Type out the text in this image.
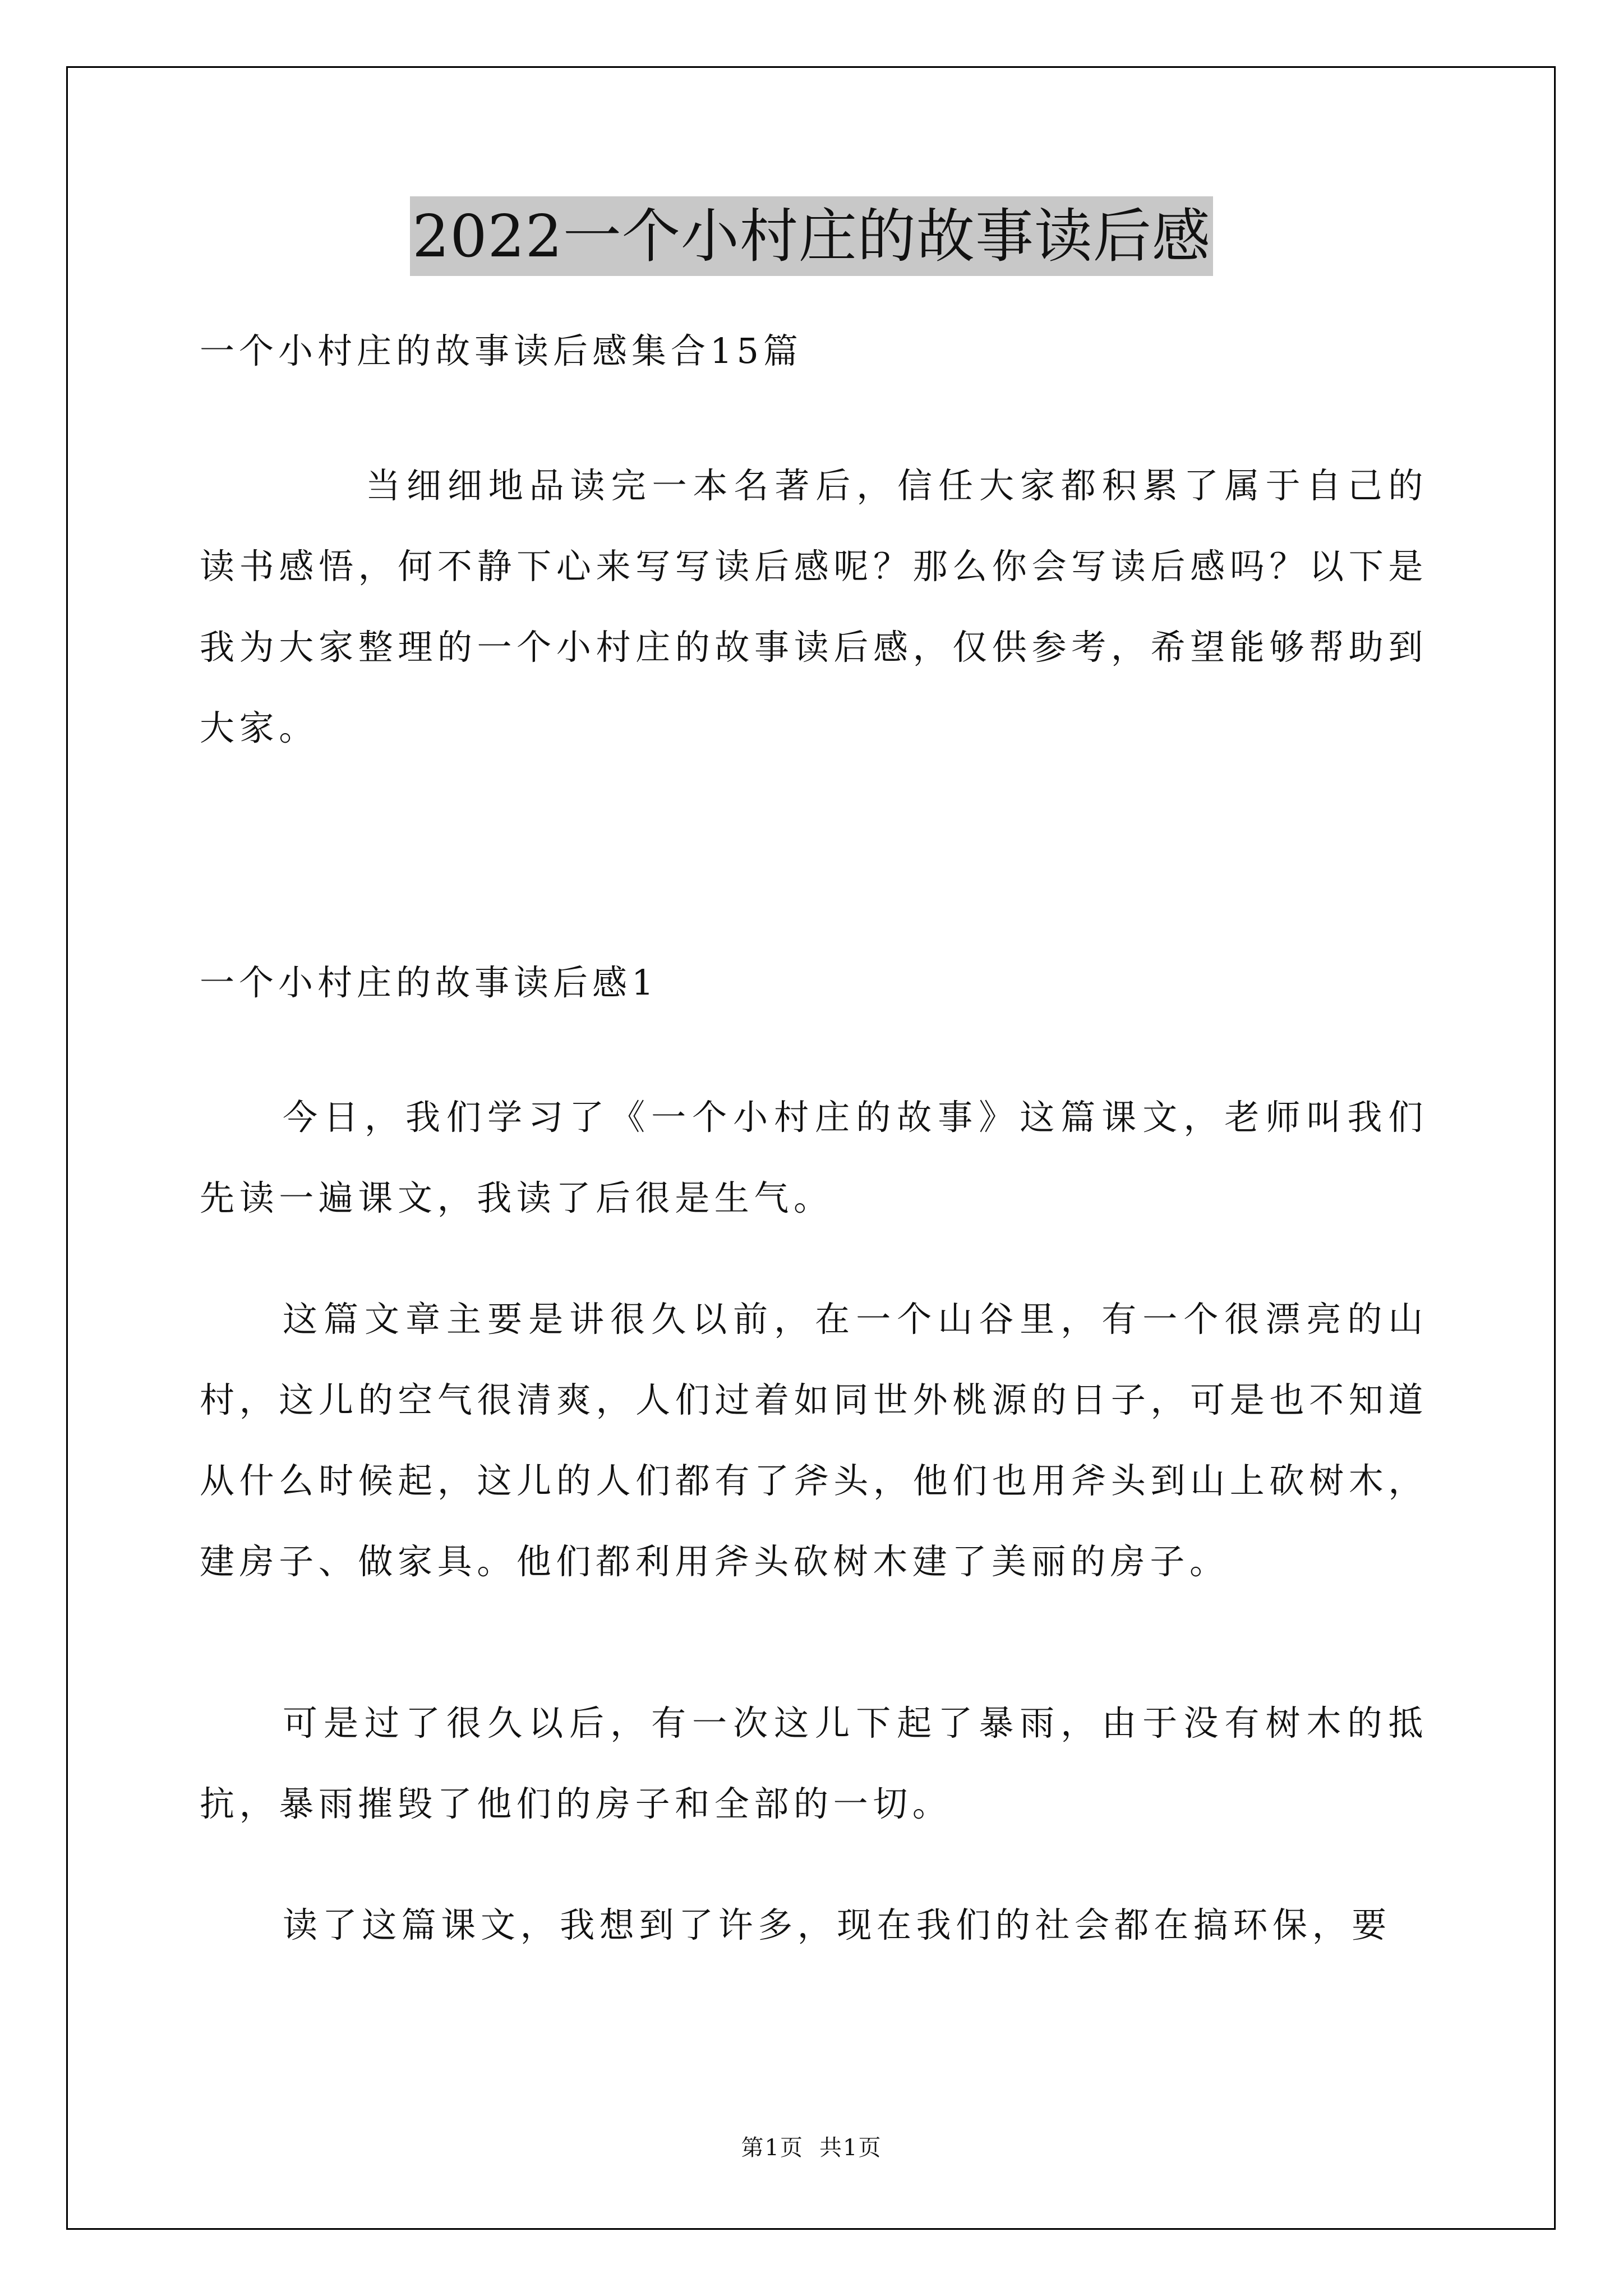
2022一个小村庄的故事读后感

一个小村庄的故事读后感集合15篇

当细细地品读完一本名著后，信任大家都积累了属于自己的读书感悟，何不静下心来写写读后感呢？那么你会写读后感吗？以下是我为大家整理的一个小村庄的故事读后感，仅供参考，希望能够帮助到大家。

一个小村庄的故事读后感1

今日，我们学习了《一个小村庄的故事》这篇课文，老师叫我们先读一遍课文，我读了后很是生气。

这篇文章主要是讲很久以前，在一个山谷里，有一个很漂亮的山村，这儿的空气很清爽，人们过着如同世外桃源的日子，可是也不知道从什么时候起，这儿的人们都有了斧头，他们也用斧头到山上砍树木，建房子、做家具。他们都利用斧头砍树木建了美丽的房子。

可是过了很久以后，有一次这儿下起了暴雨，由于没有树木的抵抗，暴雨摧毁了他们的房子和全部的一切。

读了这篇课文，我想到了许多，现在我们的社会都在搞环保，要

第1页 共1页
